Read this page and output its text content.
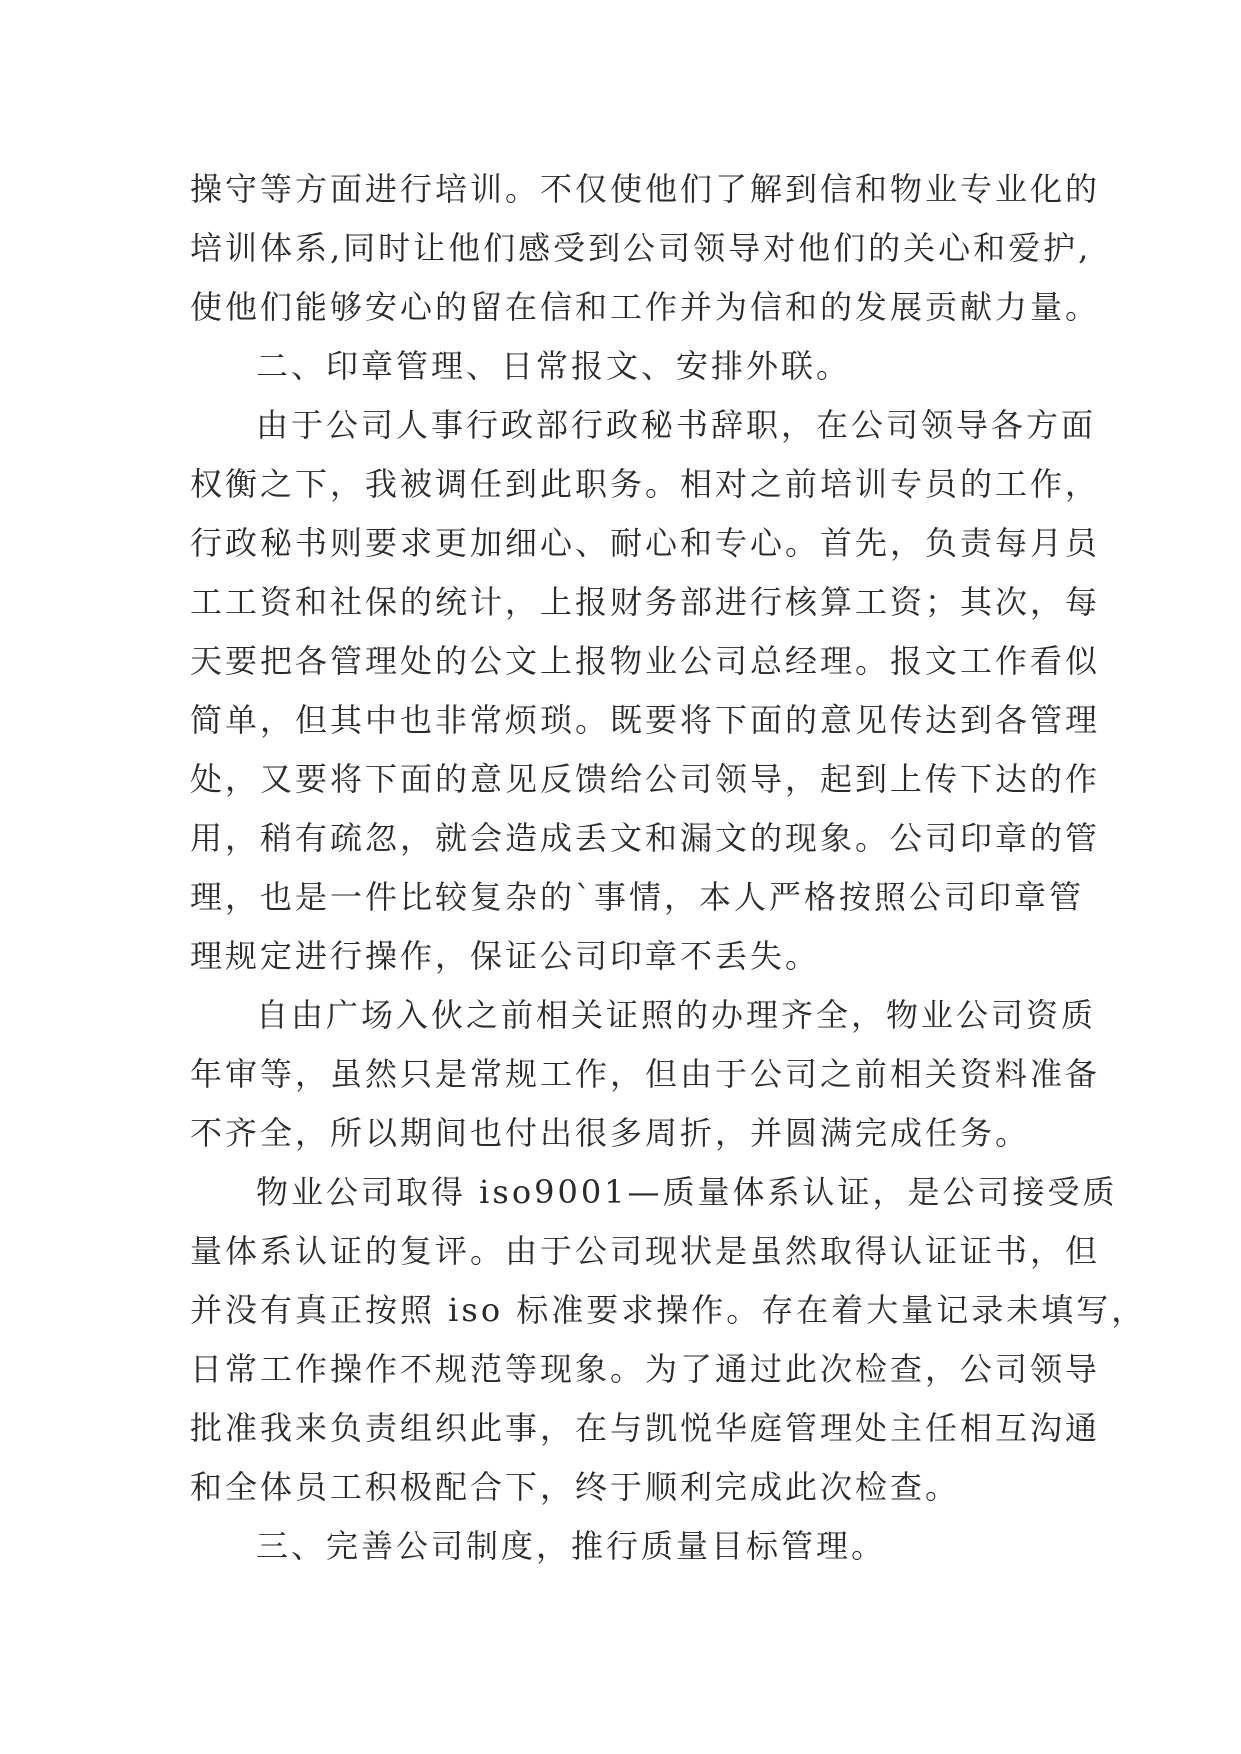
操守等方面进行培训。不仅使他们了解到信和物业专业化的
培训体系,同时让他们感受到公司领导对他们的关心和爱护,
使他们能够安心的留在信和工作并为信和的发展贡献力量。
二、印章管理、日常报文、安排外联。
由于公司人事行政部行政秘书辞职，在公司领导各方面
权衡之下，我被调任到此职务。相对之前培训专员的工作，
行政秘书则要求更加细心、耐心和专心。首先，负责每月员
工工资和社保的统计，上报财务部进行核算工资；其次，每
天要把各管理处的公文上报物业公司总经理。报文工作看似
简单，但其中也非常烦琐。既要将下面的意见传达到各管理
处，又要将下面的意见反馈给公司领导，起到上传下达的作
用，稍有疏忽，就会造成丢文和漏文的现象。公司印章的管
理，也是一件比较复杂的`事情，本人严格按照公司印章管
理规定进行操作，保证公司印章不丢失。
自由广场入伙之前相关证照的办理齐全，物业公司资质
年审等，虽然只是常规工作，但由于公司之前相关资料准备
不齐全，所以期间也付出很多周折，并圆满完成任务。
物业公司取得 iso9001—质量体系认证，是公司接受质
量体系认证的复评。由于公司现状是虽然取得认证证书，但
并没有真正按照 iso 标准要求操作。存在着大量记录未填写，
日常工作操作不规范等现象。为了通过此次检查，公司领导
批准我来负责组织此事，在与凯悦华庭管理处主任相互沟通
和全体员工积极配合下，终于顺利完成此次检查。
三、完善公司制度，推行质量目标管理。
